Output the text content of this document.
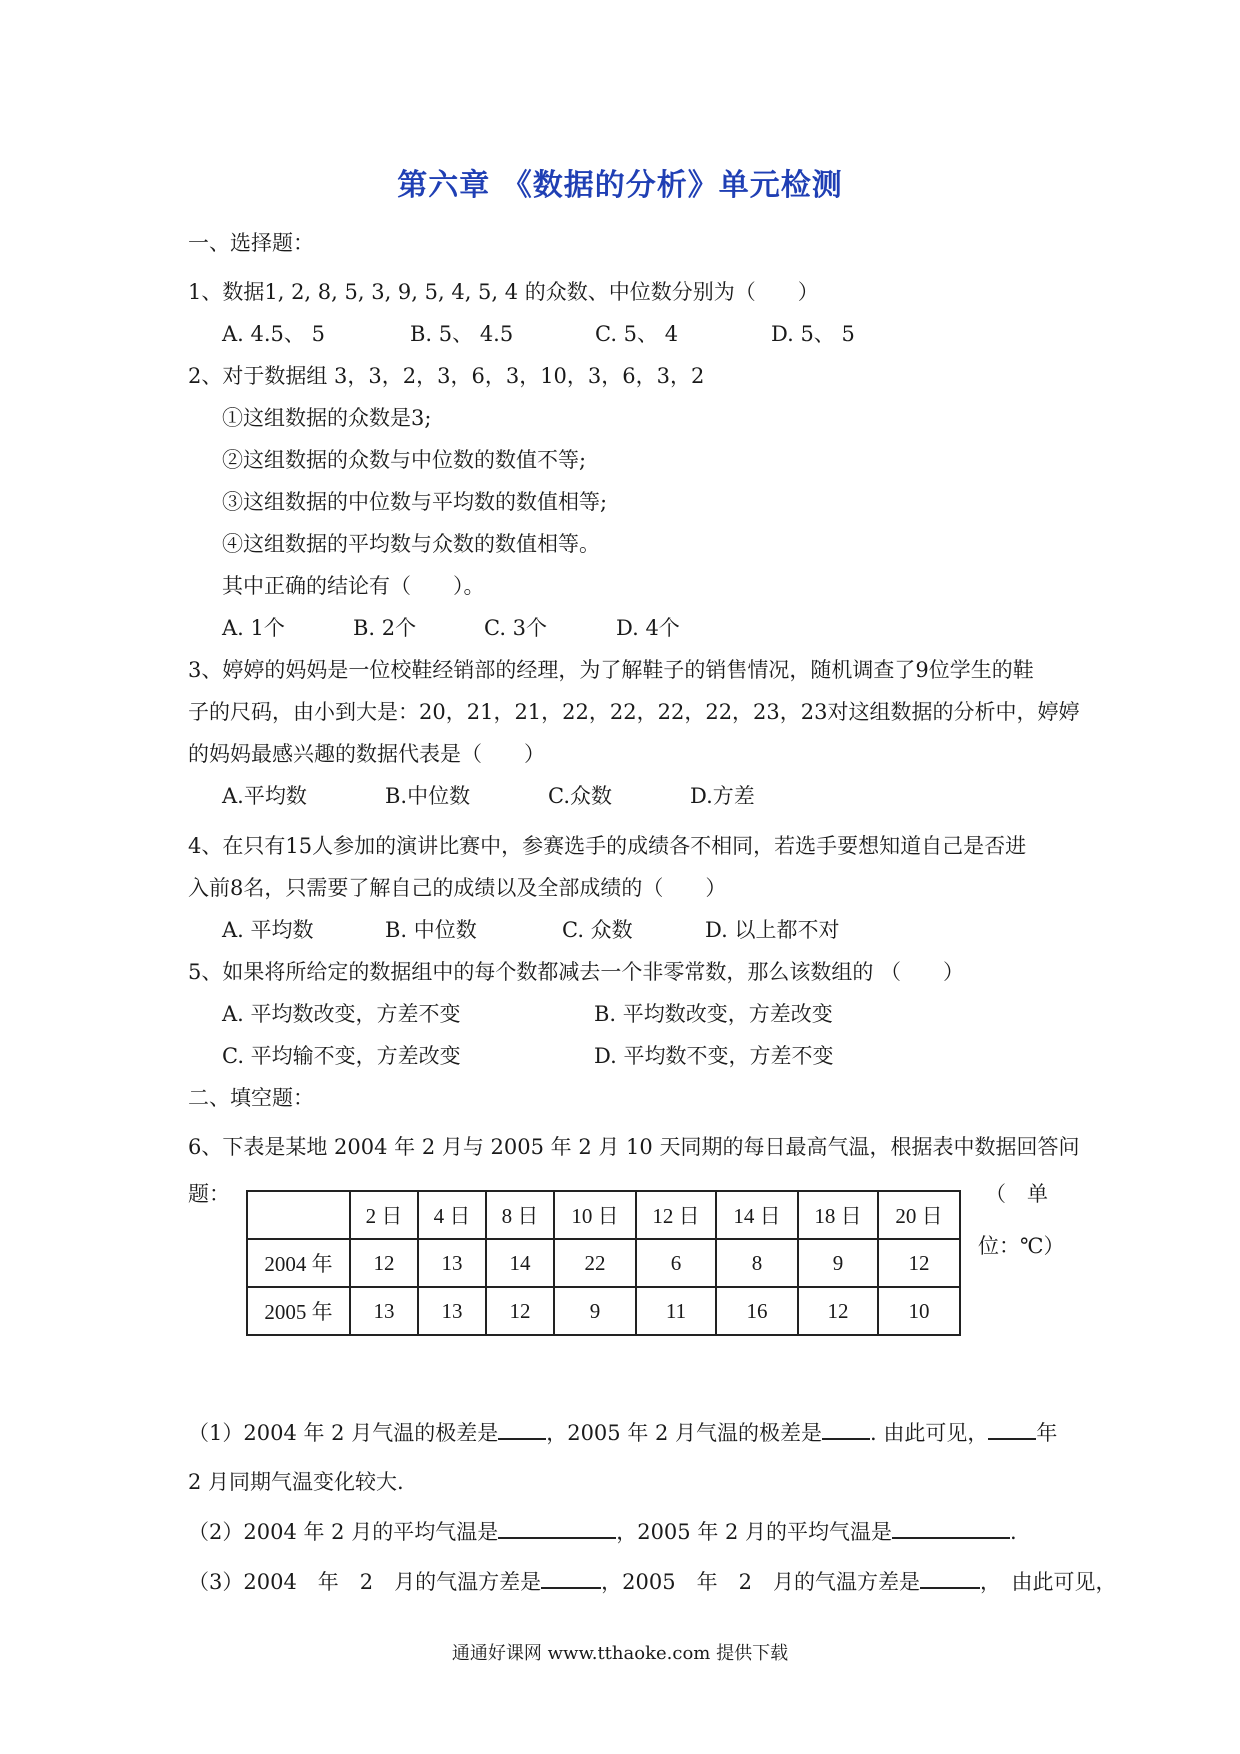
第六章 《数据的分析》单元检测
一、选择题：
1、数据1, 2, 8, 5, 3, 9, 5, 4, 5, 4 的众数、中位数分别为（　　）
A. 4.5、 5	B. 5、 4.5	C. 5、 4	D. 5、 5
2、对于数据组 3，3，2，3，6，3，10，3，6，3，2
①这组数据的众数是3;
②这组数据的众数与中位数的数值不等;
③这组数据的中位数与平均数的数值相等;
④这组数据的平均数与众数的数值相等。
其中正确的结论有（　　）。
A. 1个	B. 2个	C. 3个	D. 4个
3、婷婷的妈妈是一位校鞋经销部的经理，为了解鞋子的销售情况，随机调查了9位学生的鞋
子的尺码，由小到大是：20，21，21，22，22，22，22，23，23对这组数据的分析中，婷婷
的妈妈最感兴趣的数据代表是（　　）
A.平均数	B.中位数	C.众数	D.方差
4、在只有15人参加的演讲比赛中，参赛选手的成绩各不相同，若选手要想知道自己是否进
入前8名，只需要了解自己的成绩以及全部成绩的（　　）
A. 平均数	B. 中位数	C. 众数	D. 以上都不对
5、如果将所给定的数据组中的每个数都减去一个非零常数，那么该数组的 （　　）
A. 平均数改变，方差不变	B. 平均数改变，方差改变
C. 平均输不变，方差改变	D. 平均数不变，方差不变
二、填空题：
6、下表是某地 2004 年 2 月与 2005 年 2 月 10 天同期的每日最高气温，根据表中数据回答问
题：	（　单
位：℃）
	2 日	4 日	8 日	10 日	12 日	14 日	18 日	20 日
2004 年	12	13	14	22	6	8	9	12
2005 年	13	13	12	9	11	16	12	10
（1）2004 年 2 月气温的极差是 ，2005 年 2 月气温的极差是 . 由此可见， 年
2 月同期气温变化较大.
（2）2004 年 2 月的平均气温是	，2005 年 2 月的平均气温是	.
（3）2004　年　2　月的气温方差是	，2005　年　2　月的气温方差是	，　由此可见，
通通好课网 www.tthaoke.com 提供下载
